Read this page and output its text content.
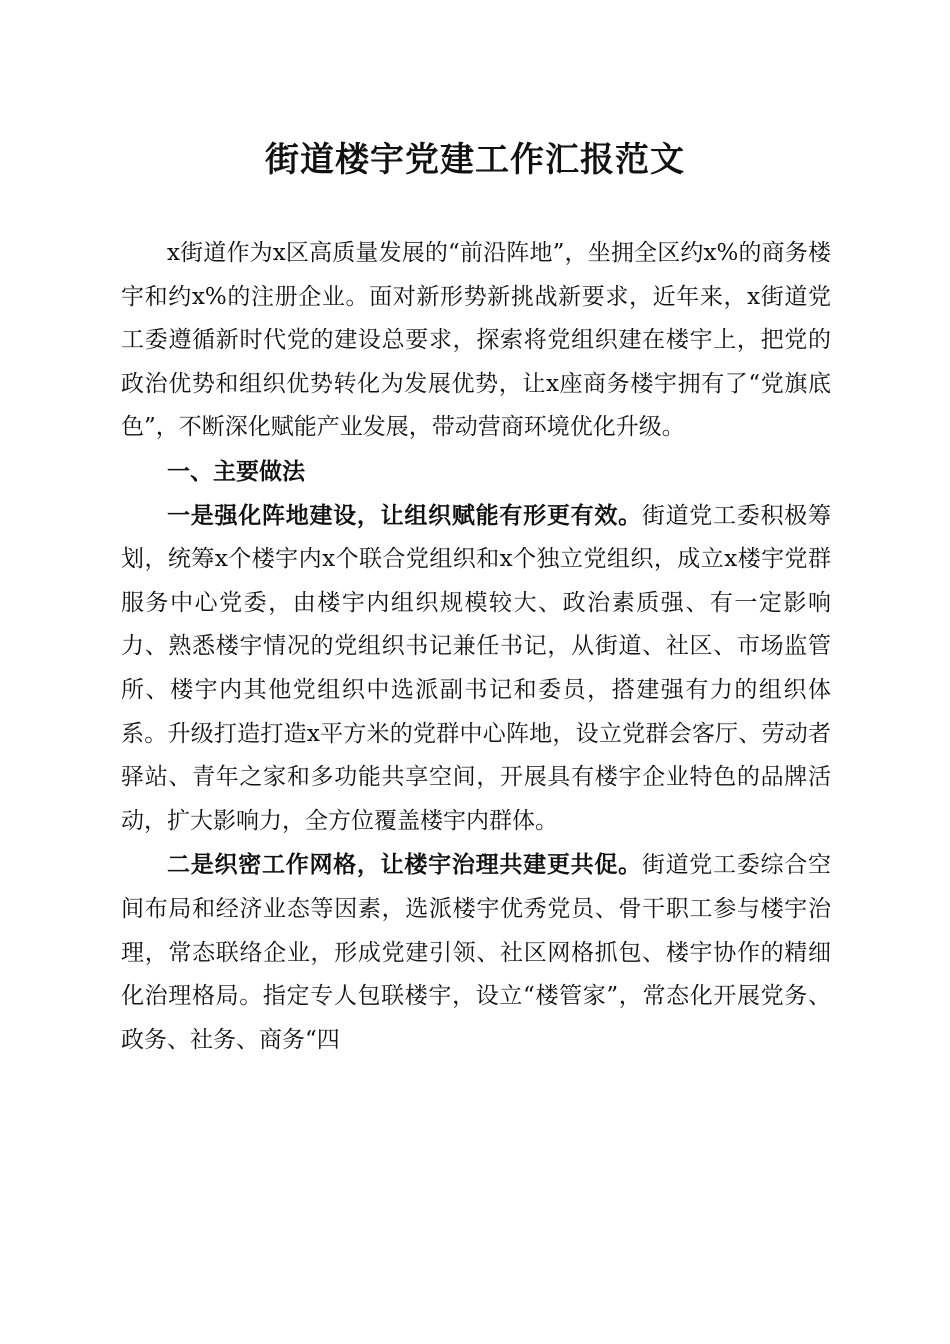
街道楼宇党建工作汇报范文

x街道作为x区高质量发展的“前沿阵地”，坐拥全区约x%的商务楼宇和约x%的注册企业。面对新形势新挑战新要求，近年来，x街道党工委遵循新时代党的建设总要求，探索将党组织建在楼宇上，把党的政治优势和组织优势转化为发展优势，让x座商务楼宇拥有了“党旗底色”，不断深化赋能产业发展，带动营商环境优化升级。

一、主要做法

一是强化阵地建设，让组织赋能有形更有效。街道党工委积极筹划，统筹x个楼宇内x个联合党组织和x个独立党组织，成立x楼宇党群服务中心党委，由楼宇内组织规模较大、政治素质强、有一定影响力、熟悉楼宇情况的党组织书记兼任书记，从街道、社区、市场监管所、楼宇内其他党组织中选派副书记和委员，搭建强有力的组织体系。升级打造打造x平方米的党群中心阵地，设立党群会客厅、劳动者驿站、青年之家和多功能共享空间，开展具有楼宇企业特色的品牌活动，扩大影响力，全方位覆盖楼宇内群体。

二是织密工作网格，让楼宇治理共建更共促。街道党工委综合空间布局和经济业态等因素，选派楼宇优秀党员、骨干职工参与楼宇治理，常态联络企业，形成党建引领、社区网格抓包、楼宇协作的精细化治理格局。指定专人包联楼宇，设立“楼管家”，常态化开展党务、政务、社务、商务“四
